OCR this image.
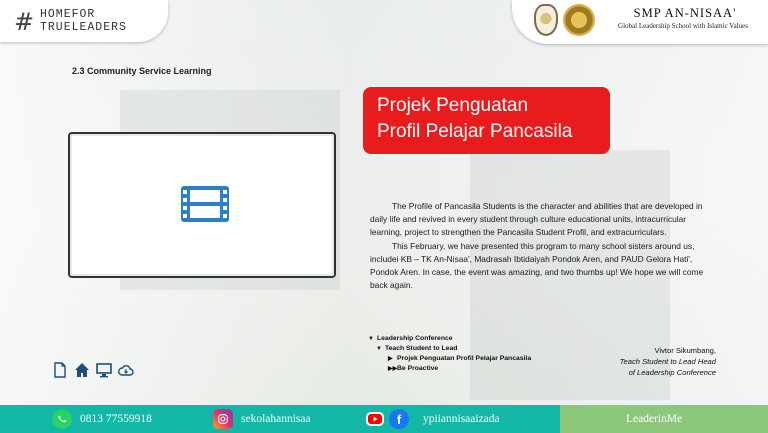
# HOMEFOR
TRUELEADERS
SMP AN-NISAA'
Global Leadership School with Islamic Values
2.3 Community Service Learning
Projek Penguatan
Profil Pelajar Pancasila

The Profile of Pancasila Students is the character and abilities that are developed in daily life and revived in every student through culture educational units, intracurricular learning, project to strengthen the Pancasila Student Profil, and extracurriculars.

This February, we have presented this program to many school sisters around us, includei KB – TK An-Nisaa', Madrasah Ibtidaiyah Pondok Aren, and PAUD Gelora Hati', Pondok Aren. In case, the event was amazing, and two thumbs up! We hope we will come back again.

▼ Leadership Conference
▼ Teach Student to Lead
▶ Projek Penguatan Profil Pelajar Pancasila
▶▶ Be Proactive
Vivtor Sikumbang,
Teach Student to Lead Head
of Leadership Conference
0813 77559918	sekolahannisaa	f ypiiannisaaizada	LeaderinMe
